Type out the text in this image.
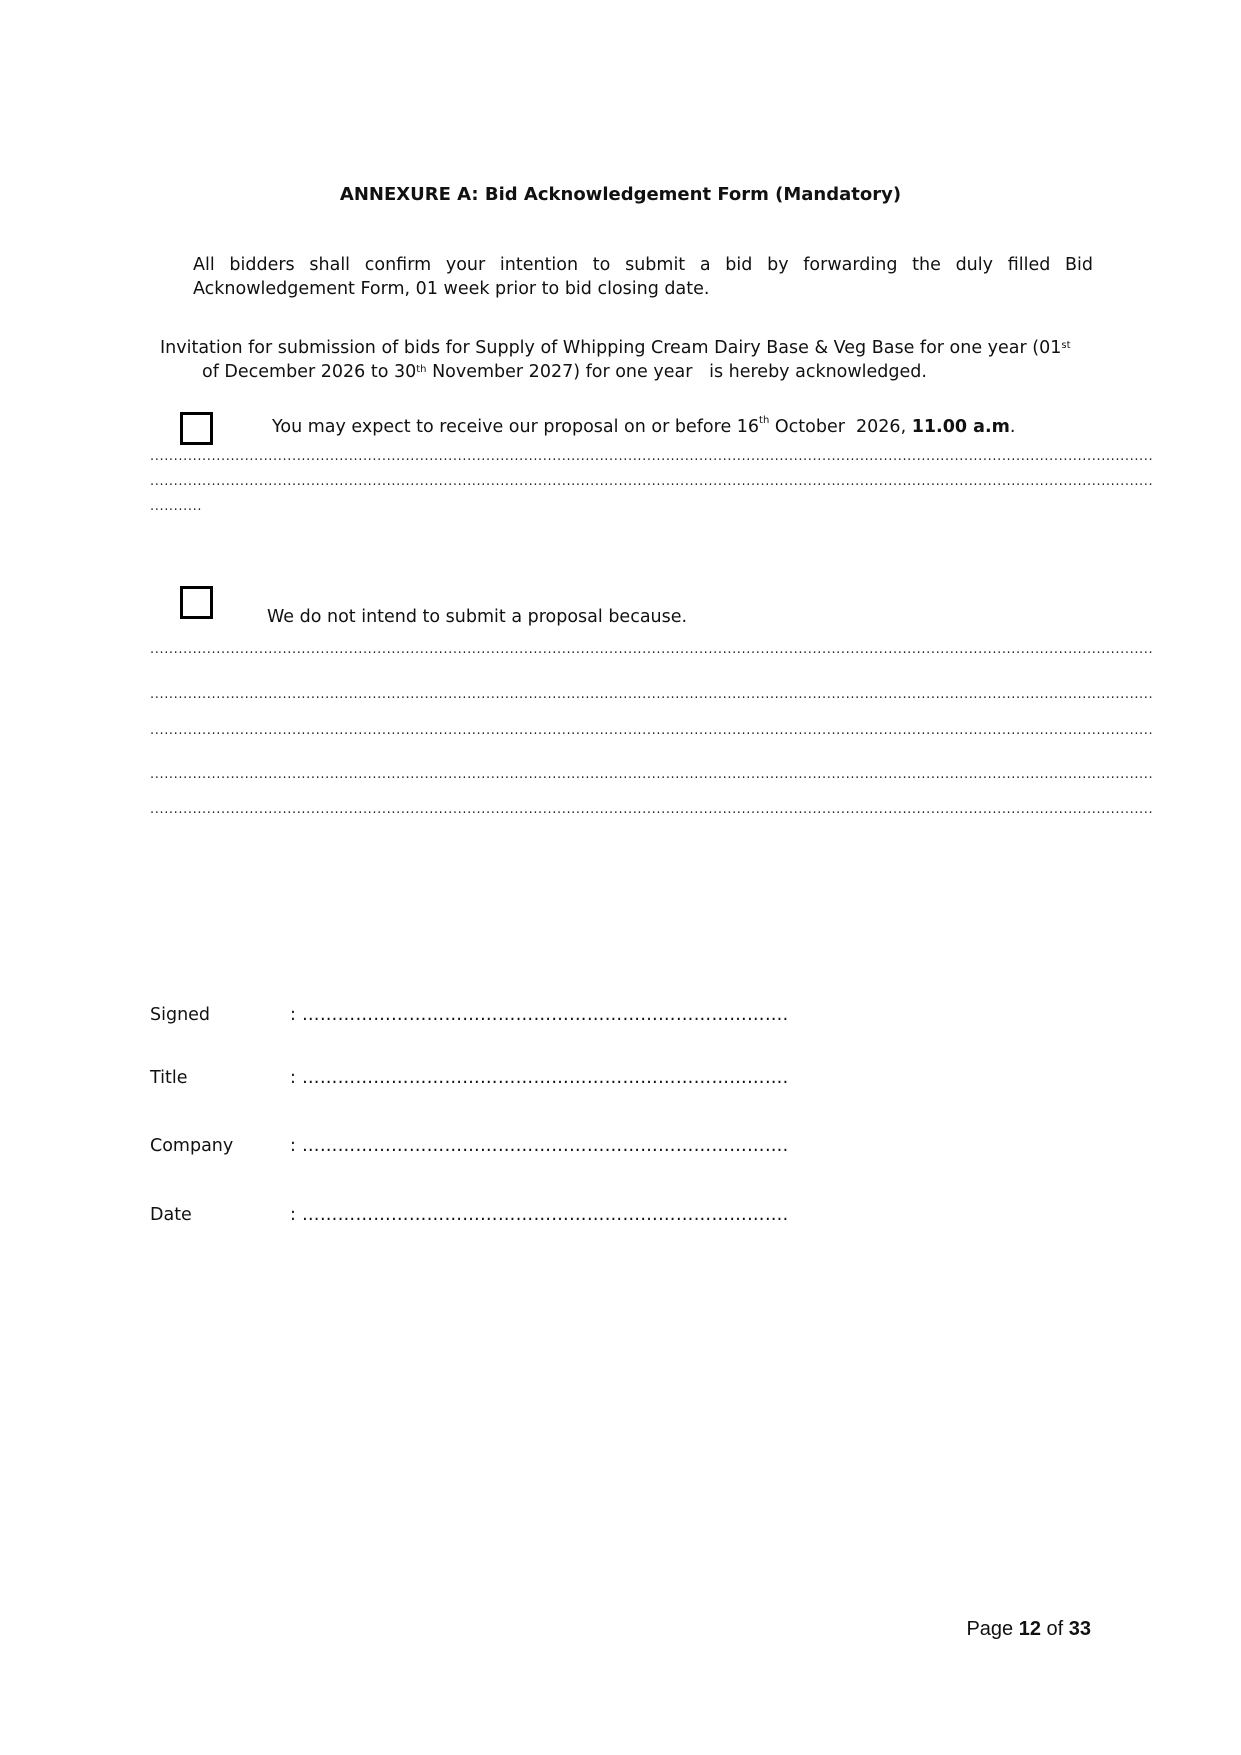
ANNEXURE A: Bid Acknowledgement Form (Mandatory)
All bidders shall confirm your intention to submit a bid by forwarding the duly filled Bid Acknowledgement Form, 01 week prior to bid closing date.
Invitation for submission of bids for Supply of Whipping Cream Dairy Base & Veg Base for one year (01st
of December 2026 to 30th November 2027) for one year   is hereby acknowledged.
You may expect to receive our proposal on or before 16th October  2026, 11.00 a.m.
....................................................................................................................................................................................................................
....................................................................................................................................................................................................................
...........
We do not intend to submit a proposal because.
....................................................................................................................................................................................................................
....................................................................................................................................................................................................................
....................................................................................................................................................................................................................
....................................................................................................................................................................................................................
....................................................................................................................................................................................................................
Signed	: ……………………………………………………………………….
Title	: ……………………………………………………………………….
Company	: ……………………………………………………………………….
Date	: ……………………………………………………………………….
Page 12 of 33
